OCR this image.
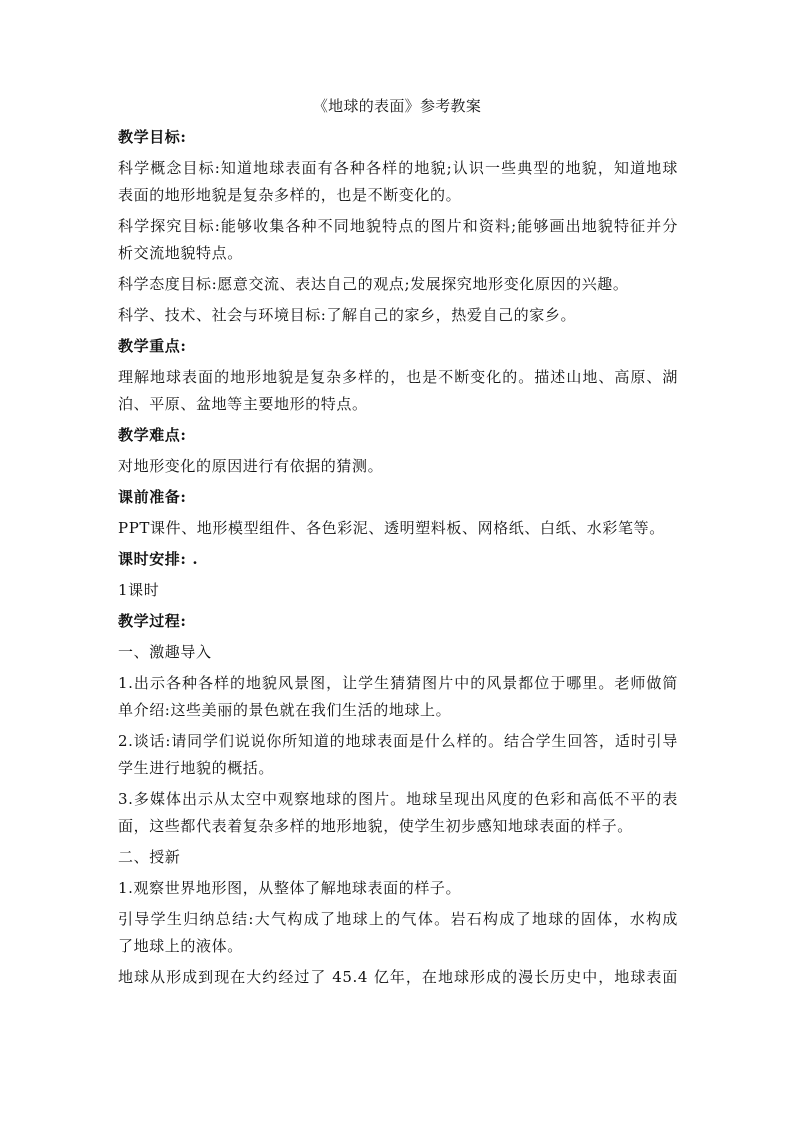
《地球的表面》参考教案
教学目标:
科学概念目标:知道地球表面有各种各样的地貌;认识一些典型的地貌，知道地球
表面的地形地貌是复杂多样的，也是不断变化的。
科学探究目标:能够收集各种不同地貌特点的图片和资料;能够画出地貌特征并分
析交流地貌特点。
科学态度目标:愿意交流、表达自己的观点;发展探究地形变化原因的兴趣。
科学、技术、社会与环境目标:了解自己的家乡，热爱自己的家乡。
教学重点:
理解地球表面的地形地貌是复杂多样的，也是不断变化的。描述山地、高原、湖
泊、平原、盆地等主要地形的特点。
教学难点:
对地形变化的原因进行有依据的猜测。
课前准备:
PPT课件、地形模型组件、各色彩泥、透明塑料板、网格纸、白纸、水彩笔等。
课时安排: .
1课时
教学过程:
一、激趣导入
1.出示各种各样的地貌风景图，让学生猜猜图片中的风景都位于哪里。老师做简
单介绍:这些美丽的景色就在我们生活的地球上。
2.谈话:请同学们说说你所知道的地球表面是什么样的。结合学生回答，适时引导
学生进行地貌的概括。
3.多媒体出示从太空中观察地球的图片。地球呈现出风度的色彩和高低不平的表
面，这些都代表着复杂多样的地形地貌，使学生初步感知地球表面的样子。
二、授新
1.观察世界地形图，从整体了解地球表面的样子。
引导学生归纳总结:大气构成了地球上的气体。岩石构成了地球的固体，水构成
了地球上的液体。
地球从形成到现在大约经过了 45.4 亿年，在地球形成的漫长历史中，地球表面
